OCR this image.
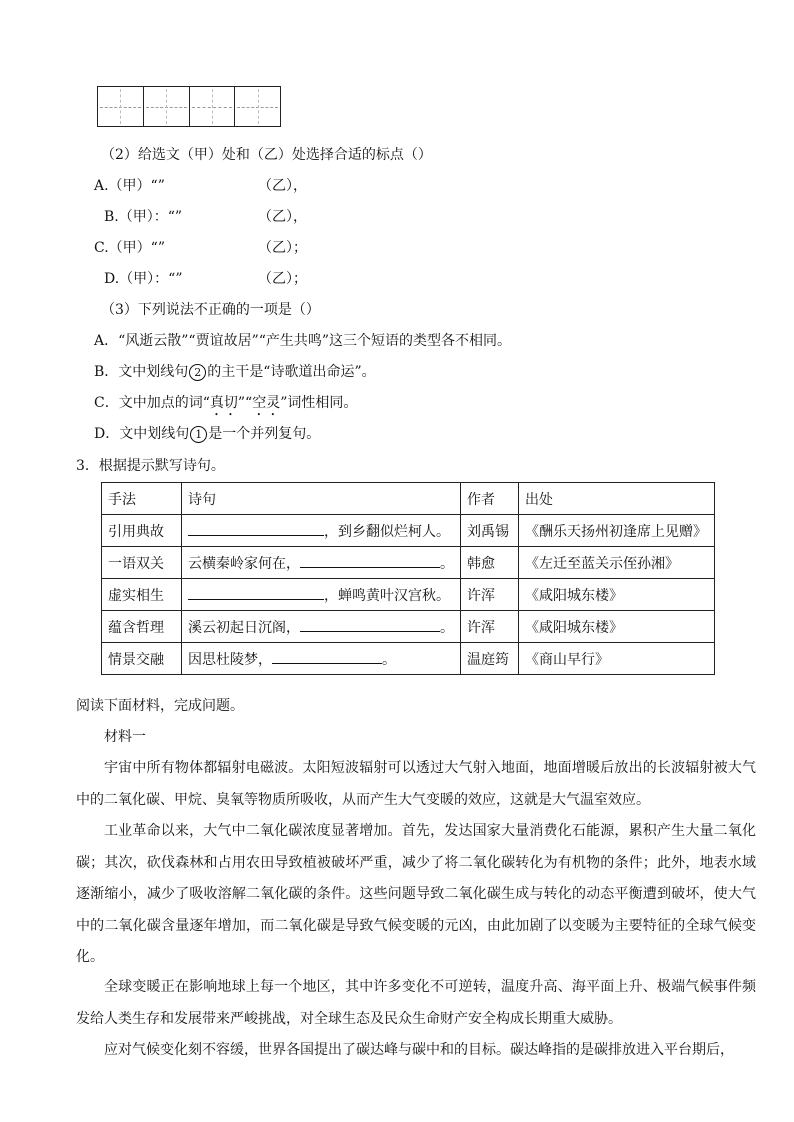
（2）给选文（甲）处和（乙）处选择合适的标点（）
A.（甲）“”	（乙），
B.（甲）：“”	（乙），
C.（甲）“”	（乙）；
D.（甲）：“”	（乙）；
（3）下列说法不正确的一项是（）
A．“风逝云散”“贾谊故居”“产生共鸣”这三个短语的类型各不相同。
B．文中划线句 2 的主干是“诗歌道出命运”。
C．文中加点的词“真切”“空灵”词性相同。
D．文中划线句 1 是一个并列复句。
3．根据提示默写诗句。
手法	诗句	作者	出处
引用典故	，到乡翻似烂柯人。	刘禹锡	《酬乐天扬州初逢席上见赠》
一语双关	云横秦岭家何在， 。	韩愈	《左迁至蓝关示侄孙湘》
虚实相生	，蝉鸣黄叶汉宫秋。	许浑	《咸阳城东楼》
蕴含哲理	溪云初起日沉阁， 。	许浑	《咸阳城东楼》
情景交融	因思杜陵梦， 。	温庭筠	《商山早行》
阅读下面材料，完成问题。
材料一
宇宙中所有物体都辐射电磁波。太阳短波辐射可以透过大气射入地面，地面增暖后放出的长波辐射被大气中的二氧化碳、甲烷、臭氧等物质所吸收，从而产生大气变暖的效应，这就是大气温室效应。
工业革命以来，大气中二氧化碳浓度显著增加。首先，发达国家大量消费化石能源，累积产生大量二氧化碳；其次，砍伐森林和占用农田导致植被破坏严重，减少了将二氧化碳转化为有机物的条件；此外，地表水域逐渐缩小，减少了吸收溶解二氧化碳的条件。这些问题导致二氧化碳生成与转化的动态平衡遭到破坏，使大气中的二氧化碳含量逐年增加，而二氧化碳是导致气候变暖的元凶，由此加剧了以变暖为主要特征的全球气候变化。
全球变暖正在影响地球上每一个地区，其中许多变化不可逆转，温度升高、海平面上升、极端气候事件频发给人类生存和发展带来严峻挑战，对全球生态及民众生命财产安全构成长期重大威胁。
应对气候变化刻不容缓，世界各国提出了碳达峰与碳中和的目标。碳达峰指的是碳排放进入平台期后，
